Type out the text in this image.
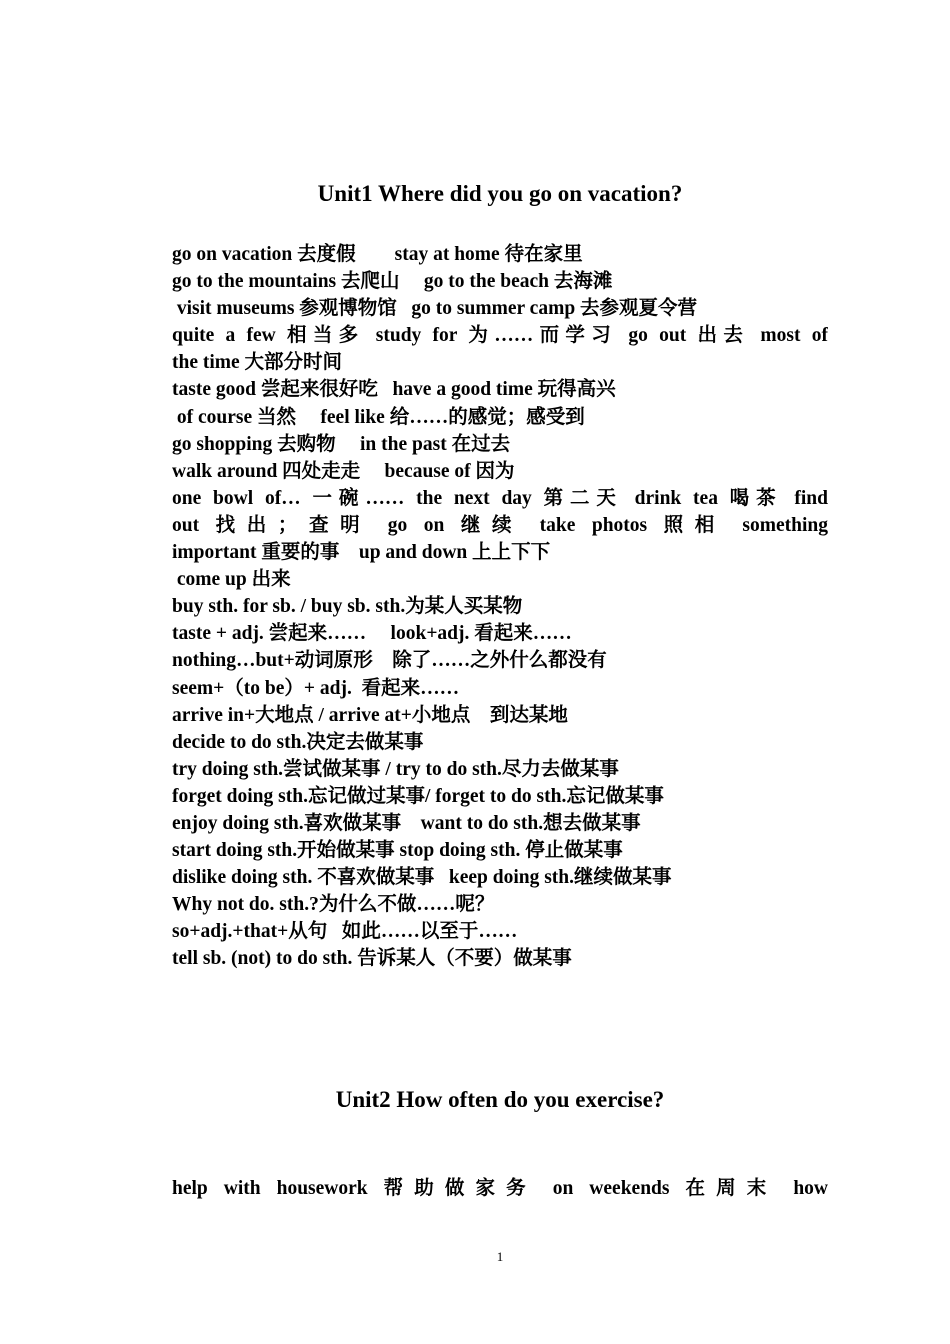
Unit1 Where did you go on vacation?
go on vacation 去度假        stay at home 待在家里
go to the mountains 去爬山     go to the beach 去海滩
visit museums 参观博物馆   go to summer camp 去参观夏令营
quite a few 相当多 study for 为……而学习 go out 出去 most of
the time 大部分时间
taste good 尝起来很好吃   have a good time 玩得高兴
of course 当然     feel like 给……的感觉；感受到
go shopping 去购物     in the past 在过去
walk around 四处走走     because of 因为
one bowl of… 一碗…… the next day 第二天 drink tea 喝茶 find
out 找出；查明 go on 继续 take photos 照相 something
important 重要的事    up and down 上上下下
come up 出来
buy sth. for sb. / buy sb. sth.为某人买某物
taste + adj. 尝起来……     look+adj. 看起来……
nothing…but+动词原形    除了……之外什么都没有
seem+（to be）+ adj.  看起来……
arrive in+大地点 / arrive at+小地点    到达某地
decide to do sth.决定去做某事
try doing sth.尝试做某事 / try to do sth.尽力去做某事
forget doing sth.忘记做过某事/ forget to do sth.忘记做某事
enjoy doing sth.喜欢做某事    want to do sth.想去做某事
start doing sth.开始做某事 stop doing sth. 停止做某事
dislike doing sth. 不喜欢做某事   keep doing sth.继续做某事
Why not do. sth.?为什么不做……呢？
so+adj.+that+从句   如此……以至于……
tell sb. (not) to do sth. 告诉某人（不要）做某事
Unit2 How often do you exercise?
help with housework 帮助做家务 on weekends 在周末 how
1
